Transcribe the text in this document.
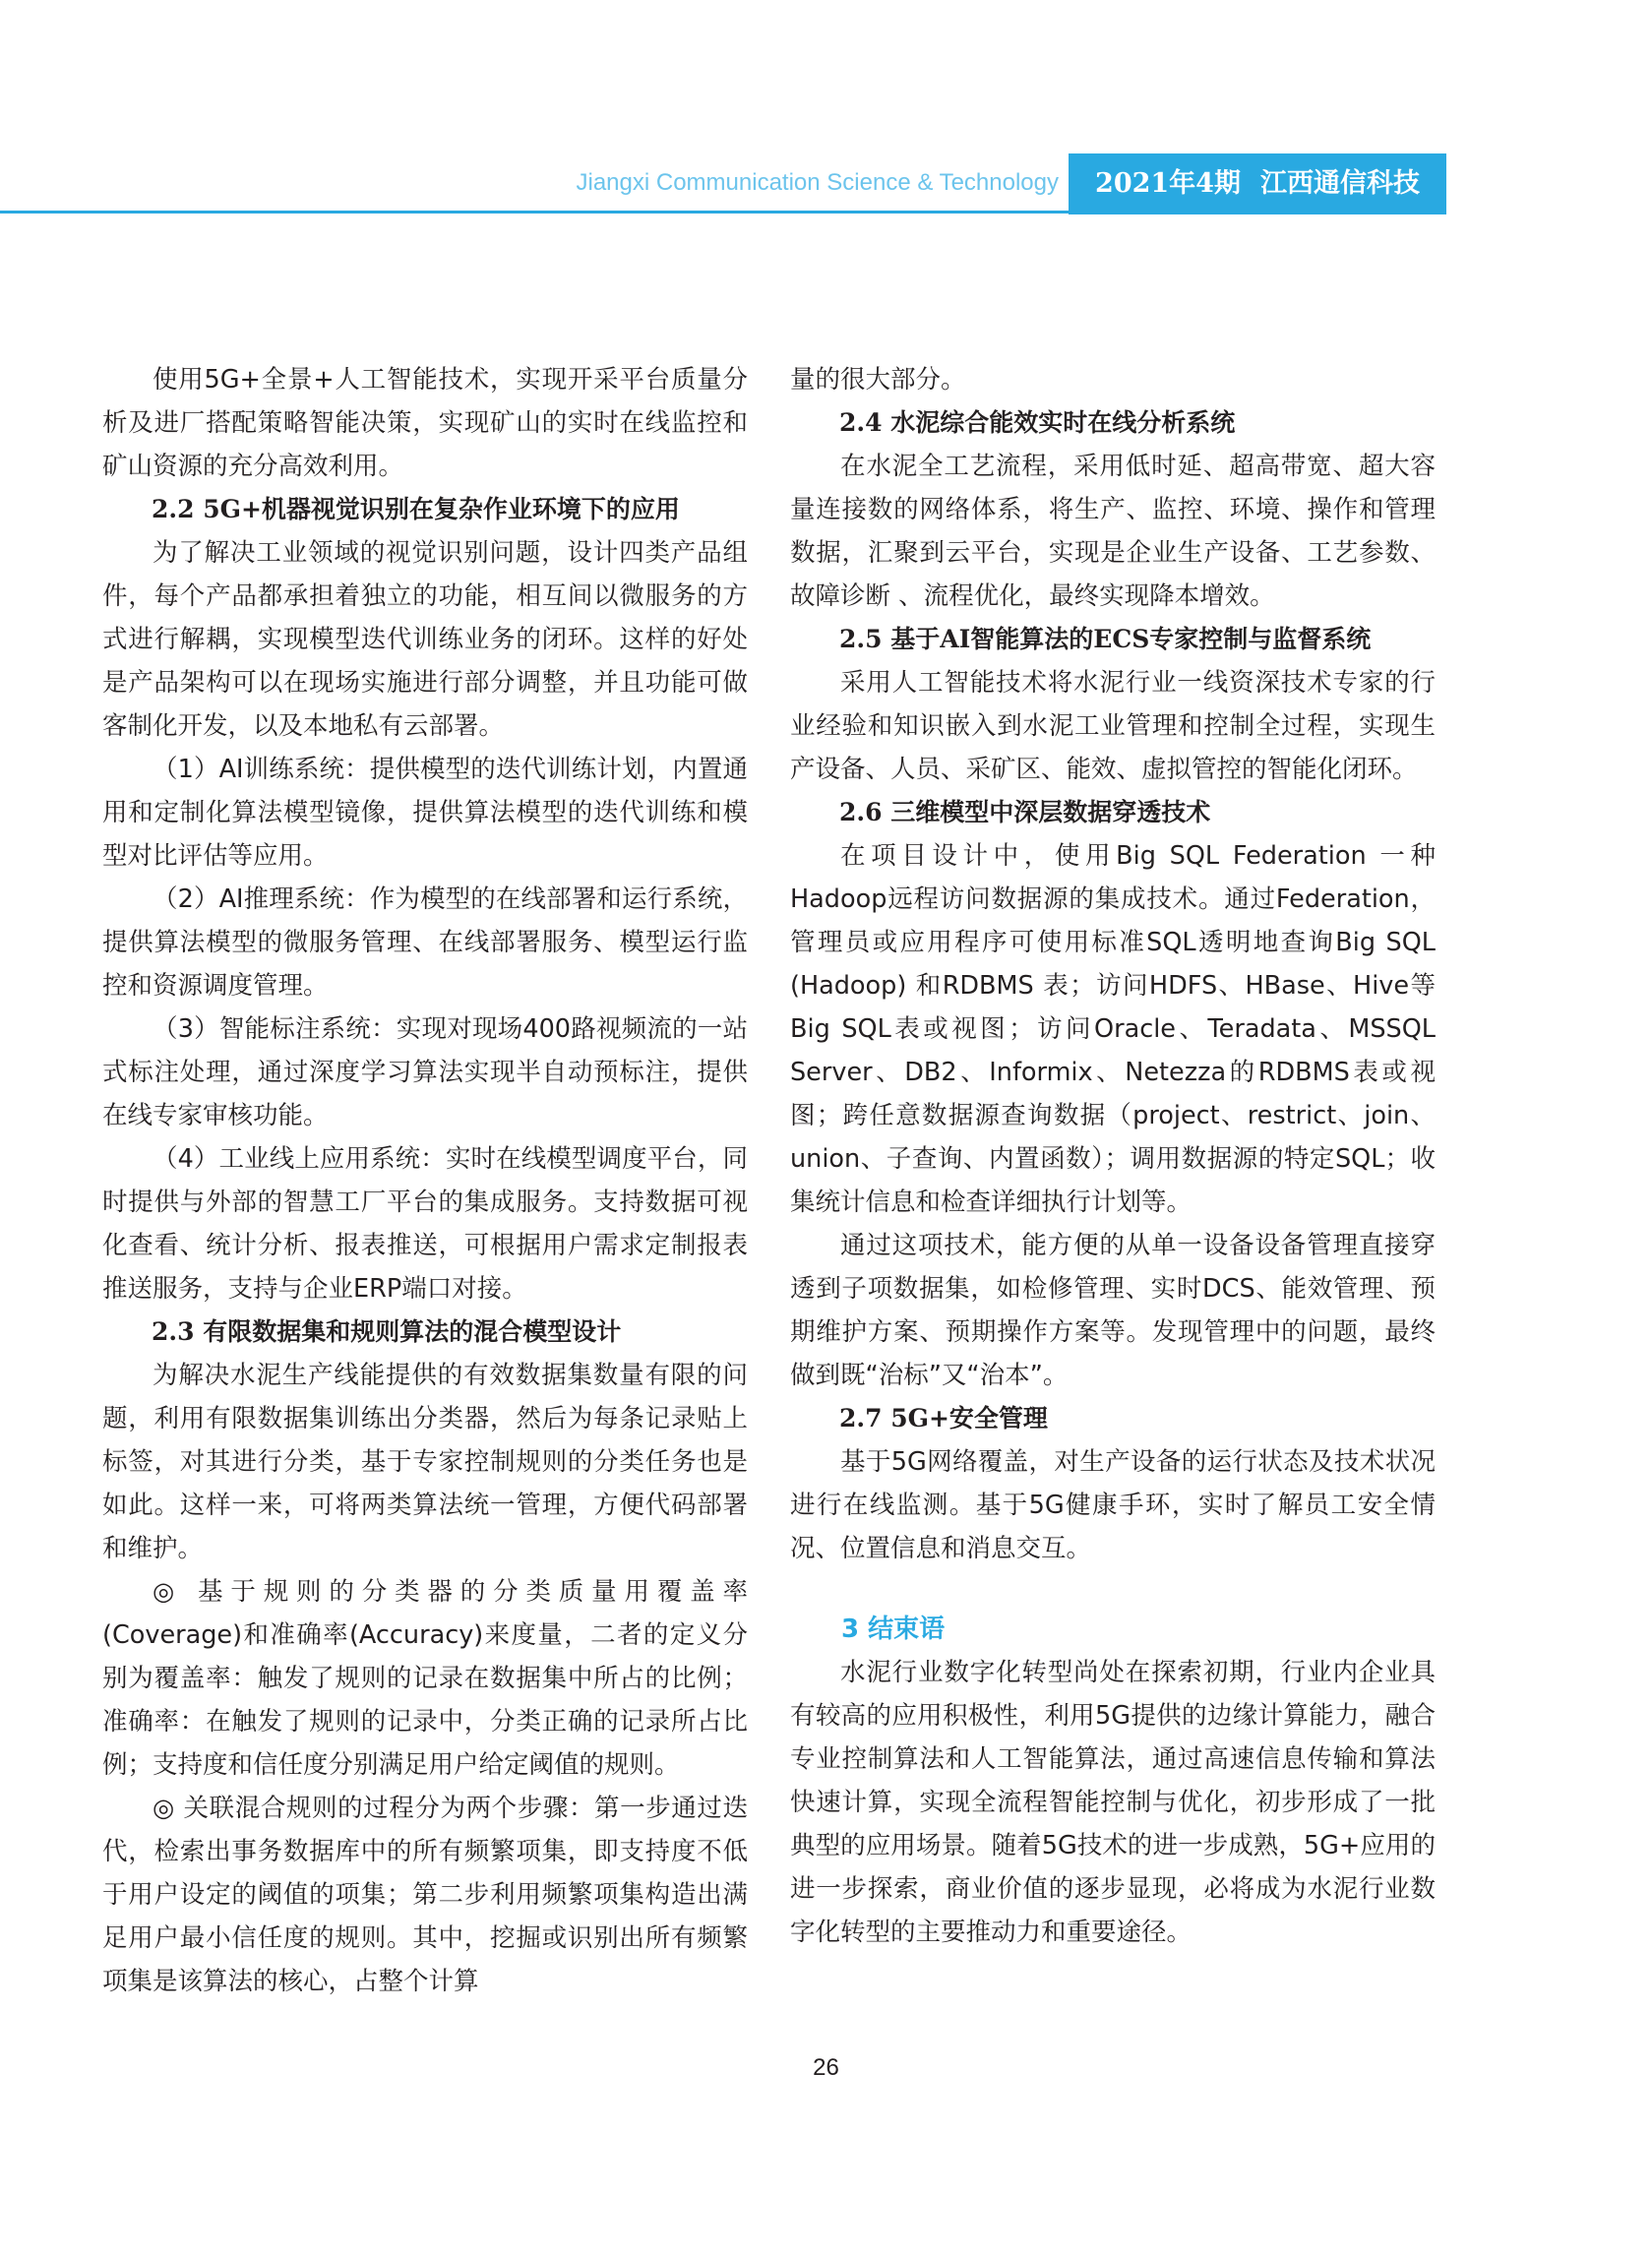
Jiangxi Communication Science & Technology	2021年4期 江西通信科技

使用5G+全景+人工智能技术，实现开采平台质量分析及进厂搭配策略智能决策，实现矿山的实时在线监控和矿山资源的充分高效利用。

2.2 5G+机器视觉识别在复杂作业环境下的应用

为了解决工业领域的视觉识别问题，设计四类产品组件，每个产品都承担着独立的功能，相互间以微服务的方式进行解耦，实现模型迭代训练业务的闭环。这样的好处是产品架构可以在现场实施进行部分调整，并且功能可做客制化开发，以及本地私有云部署。

（1）AI训练系统：提供模型的迭代训练计划，内置通用和定制化算法模型镜像，提供算法模型的迭代训练和模型对比评估等应用。

（2）AI推理系统：作为模型的在线部署和运行系统，提供算法模型的微服务管理、在线部署服务、模型运行监控和资源调度管理。

（3）智能标注系统：实现对现场400路视频流的一站式标注处理，通过深度学习算法实现半自动预标注，提供在线专家审核功能。

（4）工业线上应用系统：实时在线模型调度平台，同时提供与外部的智慧工厂平台的集成服务。支持数据可视化查看、统计分析、报表推送，可根据用户需求定制报表推送服务，支持与企业ERP端口对接。

2.3 有限数据集和规则算法的混合模型设计

为解决水泥生产线能提供的有效数据集数量有限的问题，利用有限数据集训练出分类器，然后为每条记录贴上标签，对其进行分类，基于专家控制规则的分类任务也是如此。这样一来，可将两类算法统一管理，方便代码部署和维护。

◎ 基于规则的分类器的分类质量用覆盖率(Coverage)和准确率(Accuracy)来度量，二者的定义分别为覆盖率：触发了规则的记录在数据集中所占的比例；准确率：在触发了规则的记录中，分类正确的记录所占比例；支持度和信任度分别满足用户给定阈值的规则。

◎ 关联混合规则的过程分为两个步骤：第一步通过迭代，检索出事务数据库中的所有频繁项集，即支持度不低于用户设定的阈值的项集；第二步利用频繁项集构造出满足用户最小信任度的规则。其中，挖掘或识别出所有频繁项集是该算法的核心，占整个计算

量的很大部分。

2.4 水泥综合能效实时在线分析系统

在水泥全工艺流程，采用低时延、超高带宽、超大容量连接数的网络体系，将生产、监控、环境、操作和管理数据，汇聚到云平台，实现是企业生产设备、工艺参数、故障诊断 、流程优化，最终实现降本增效。

2.5 基于AI智能算法的ECS专家控制与监督系统

采用人工智能技术将水泥行业一线资深技术专家的行业经验和知识嵌入到水泥工业管理和控制全过程，实现生产设备、人员、采矿区、能效、虚拟管控的智能化闭环。

2.6 三维模型中深层数据穿透技术

在项目设计中，使用Big SQL Federation 一种Hadoop远程访问数据源的集成技术。通过Federation，管理员或应用程序可使用标准SQL透明地查询Big SQL (Hadoop) 和RDBMS 表；访问HDFS、HBase、Hive等Big SQL表或视图；访问Oracle、Teradata、MSSQL Server、DB2、Informix、Netezza的RDBMS表或视图；跨任意数据源查询数据（project、restrict、join、union、子查询、内置函数）；调用数据源的特定SQL；收集统计信息和检查详细执行计划等。

通过这项技术，能方便的从单一设备设备管理直接穿透到子项数据集，如检修管理、实时DCS、能效管理、预期维护方案、预期操作方案等。发现管理中的问题，最终做到既“治标”又“治本”。

2.7 5G+安全管理

基于5G网络覆盖，对生产设备的运行状态及技术状况进行在线监测。基于5G健康手环，实时了解员工安全情况、位置信息和消息交互。

3 结束语

水泥行业数字化转型尚处在探索初期，行业内企业具有较高的应用积极性，利用5G提供的边缘计算能力，融合专业控制算法和人工智能算法，通过高速信息传输和算法快速计算，实现全流程智能控制与优化，初步形成了一批典型的应用场景。随着5G技术的进一步成熟，5G+应用的进一步探索，商业价值的逐步显现，必将成为水泥行业数字化转型的主要推动力和重要途径。

26
